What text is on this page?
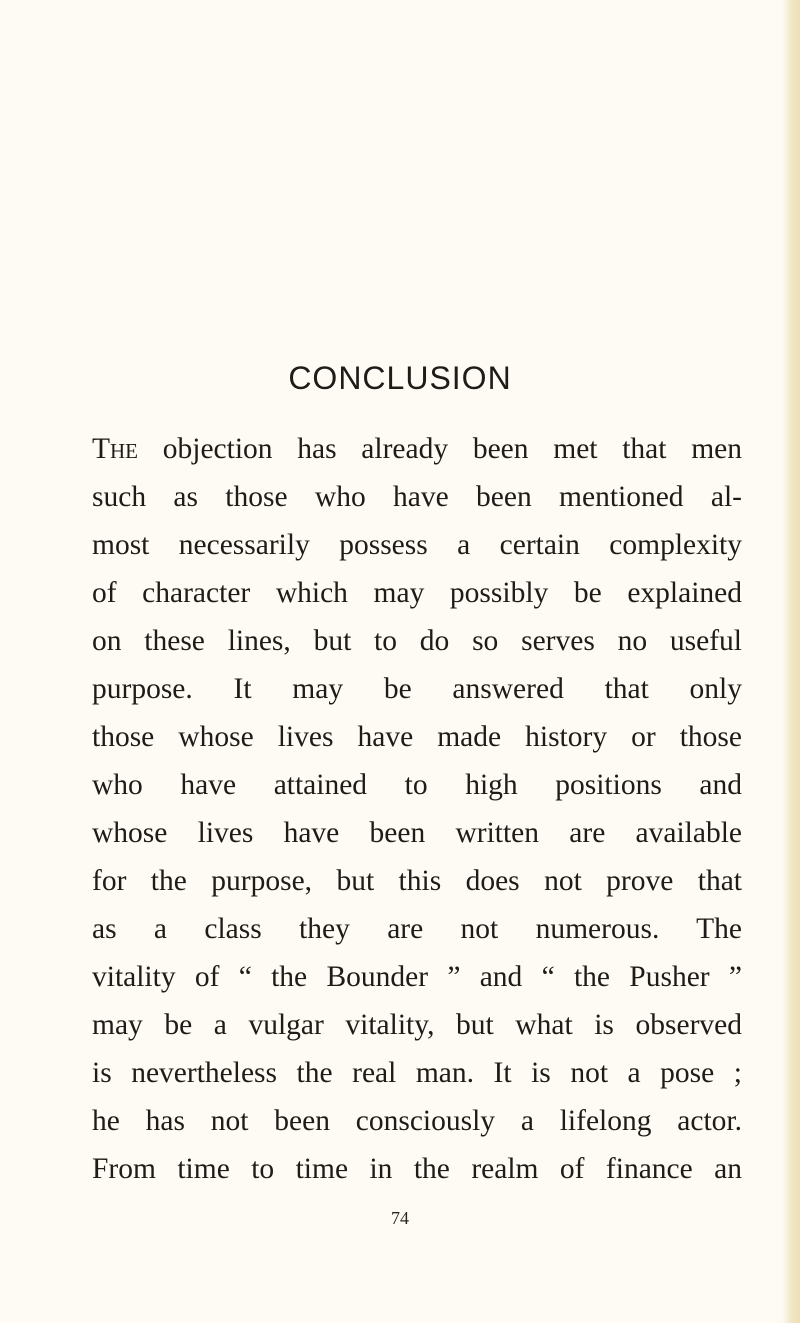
CONCLUSION
The objection has already been met that men
such as those who have been mentioned al-
most necessarily possess a certain complexity
of character which may possibly be explained
on these lines, but to do so serves no useful
purpose. It may be answered that only
those whose lives have made history or those
who have attained to high positions and
whose lives have been written are available
for the purpose, but this does not prove that
as a class they are not numerous. The
vitality of “ the Bounder ” and “ the Pusher ”
may be a vulgar vitality, but what is observed
is nevertheless the real man. It is not a pose ;
he has not been consciously a lifelong actor.
From time to time in the realm of finance an
74
